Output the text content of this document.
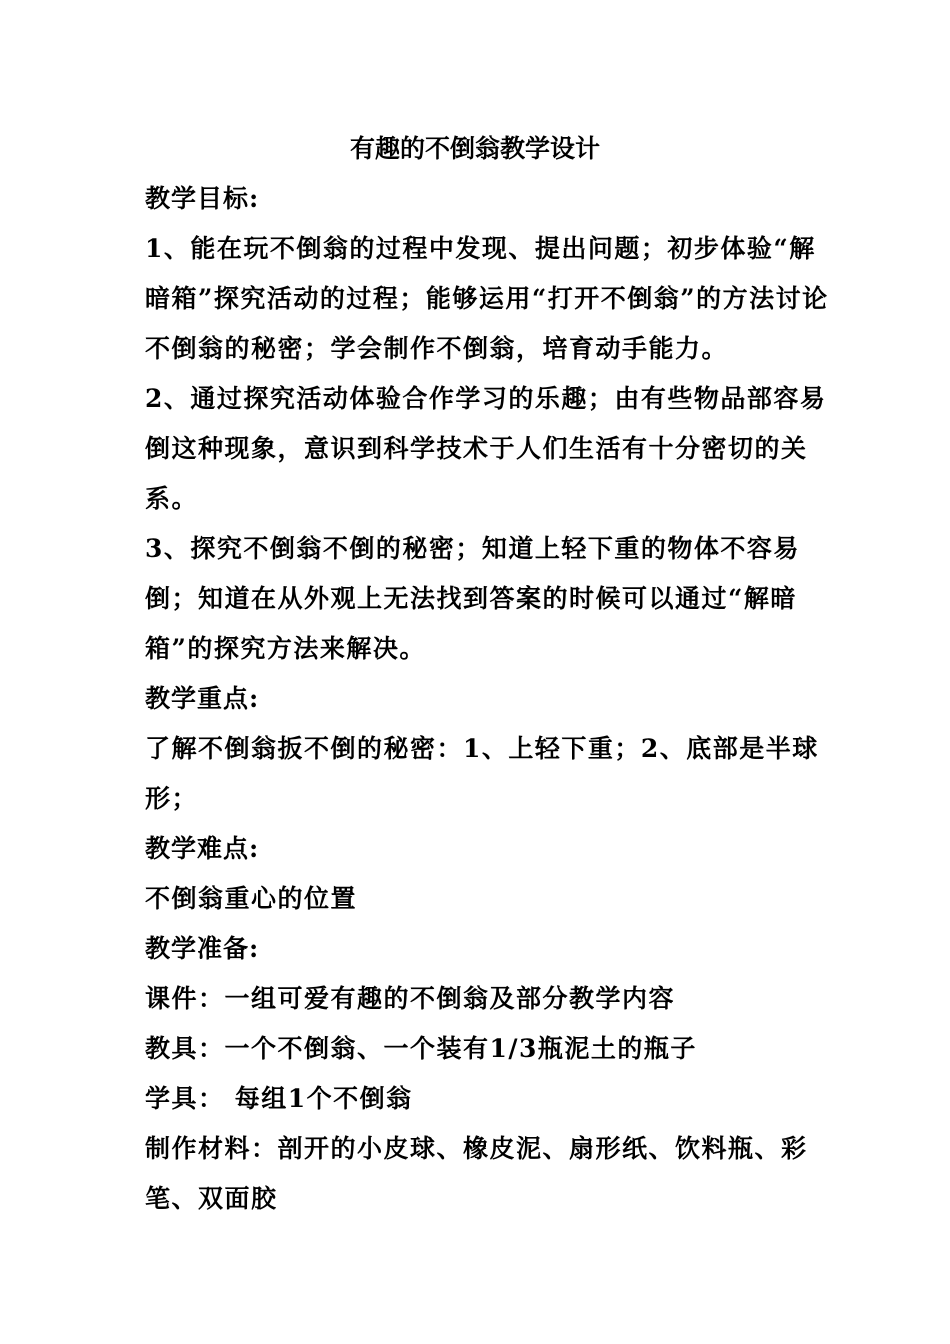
有趣的不倒翁教学设计

教学目标:

1、能在玩不倒翁的过程中发现、提出问题；初步体验“解暗箱”探究活动的过程；能够运用“打开不倒翁”的方法讨论不倒翁的秘密；学会制作不倒翁，培育动手能力。

2、通过探究活动体验合作学习的乐趣；由有些物品部容易倒这种现象，意识到科学技术于人们生活有十分密切的关系。

3、探究不倒翁不倒的秘密；知道上轻下重的物体不容易倒；知道在从外观上无法找到答案的时候可以通过“解暗箱”的探究方法来解决。

教学重点:

了解不倒翁扳不倒的秘密：1、上轻下重；2、底部是半球形；

教学难点:

不倒翁重心的位置

教学准备:

课件：一组可爱有趣的不倒翁及部分教学内容

教具：一个不倒翁、一个装有1/3瓶泥土的瓶子

学具： 每组1个不倒翁

制作材料：剖开的小皮球、橡皮泥、扇形纸、饮料瓶、彩笔、双面胶
